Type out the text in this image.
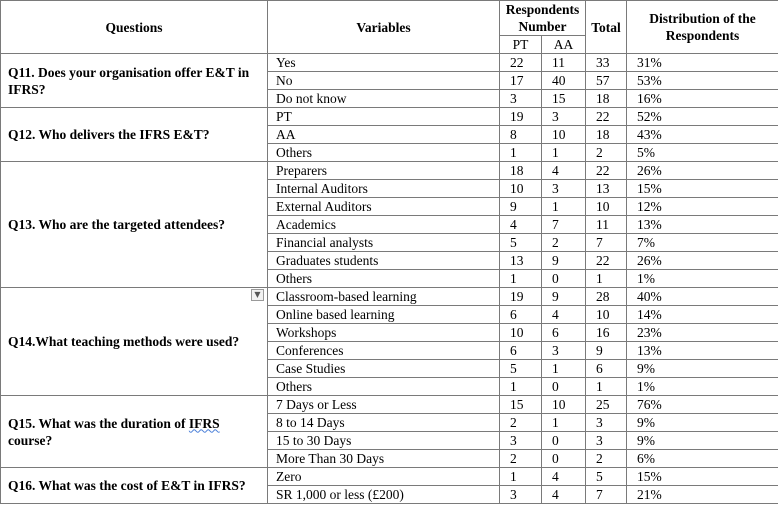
Questions	Variables	Respondents Number		Total	Distribution of the Respondents
		PT	AA		
Q11. Does your organisation offer E&T in IFRS?	Yes	22	11	33	31%
	No	17	40	57	53%
	Do not know	3	15	18	16%
Q12. Who delivers the IFRS E&T?	PT	19	3	22	52%
	AA	8	10	18	43%
	Others	1	1	2	5%
Q13. Who are the targeted attendees?	Preparers	18	4	22	26%
	Internal Auditors	10	3	13	15%
	External Auditors	9	1	10	12%
	Academics	4	7	11	13%
	Financial analysts	5	2	7	7%
	Graduates students	13	9	22	26%
	Others	1	0	1	1%
Q14.What teaching methods were used?	Classroom-based learning	19	9	28	40%
	Online based learning	6	4	10	14%
	Workshops	10	6	16	23%
	Conferences	6	3	9	13%
	Case Studies	5	1	6	9%
	Others	1	0	1	1%
Q15. What was the duration of IFRS course?	7 Days or Less	15	10	25	76%
	8 to 14 Days	2	1	3	9%
	15 to 30 Days	3	0	3	9%
	More Than 30 Days	2	0	2	6%
Q16. What was the cost of E&T in IFRS?	Zero	1	4	5	15%
	SR 1,000 or less (£200)	3	4	7	21%
▼
